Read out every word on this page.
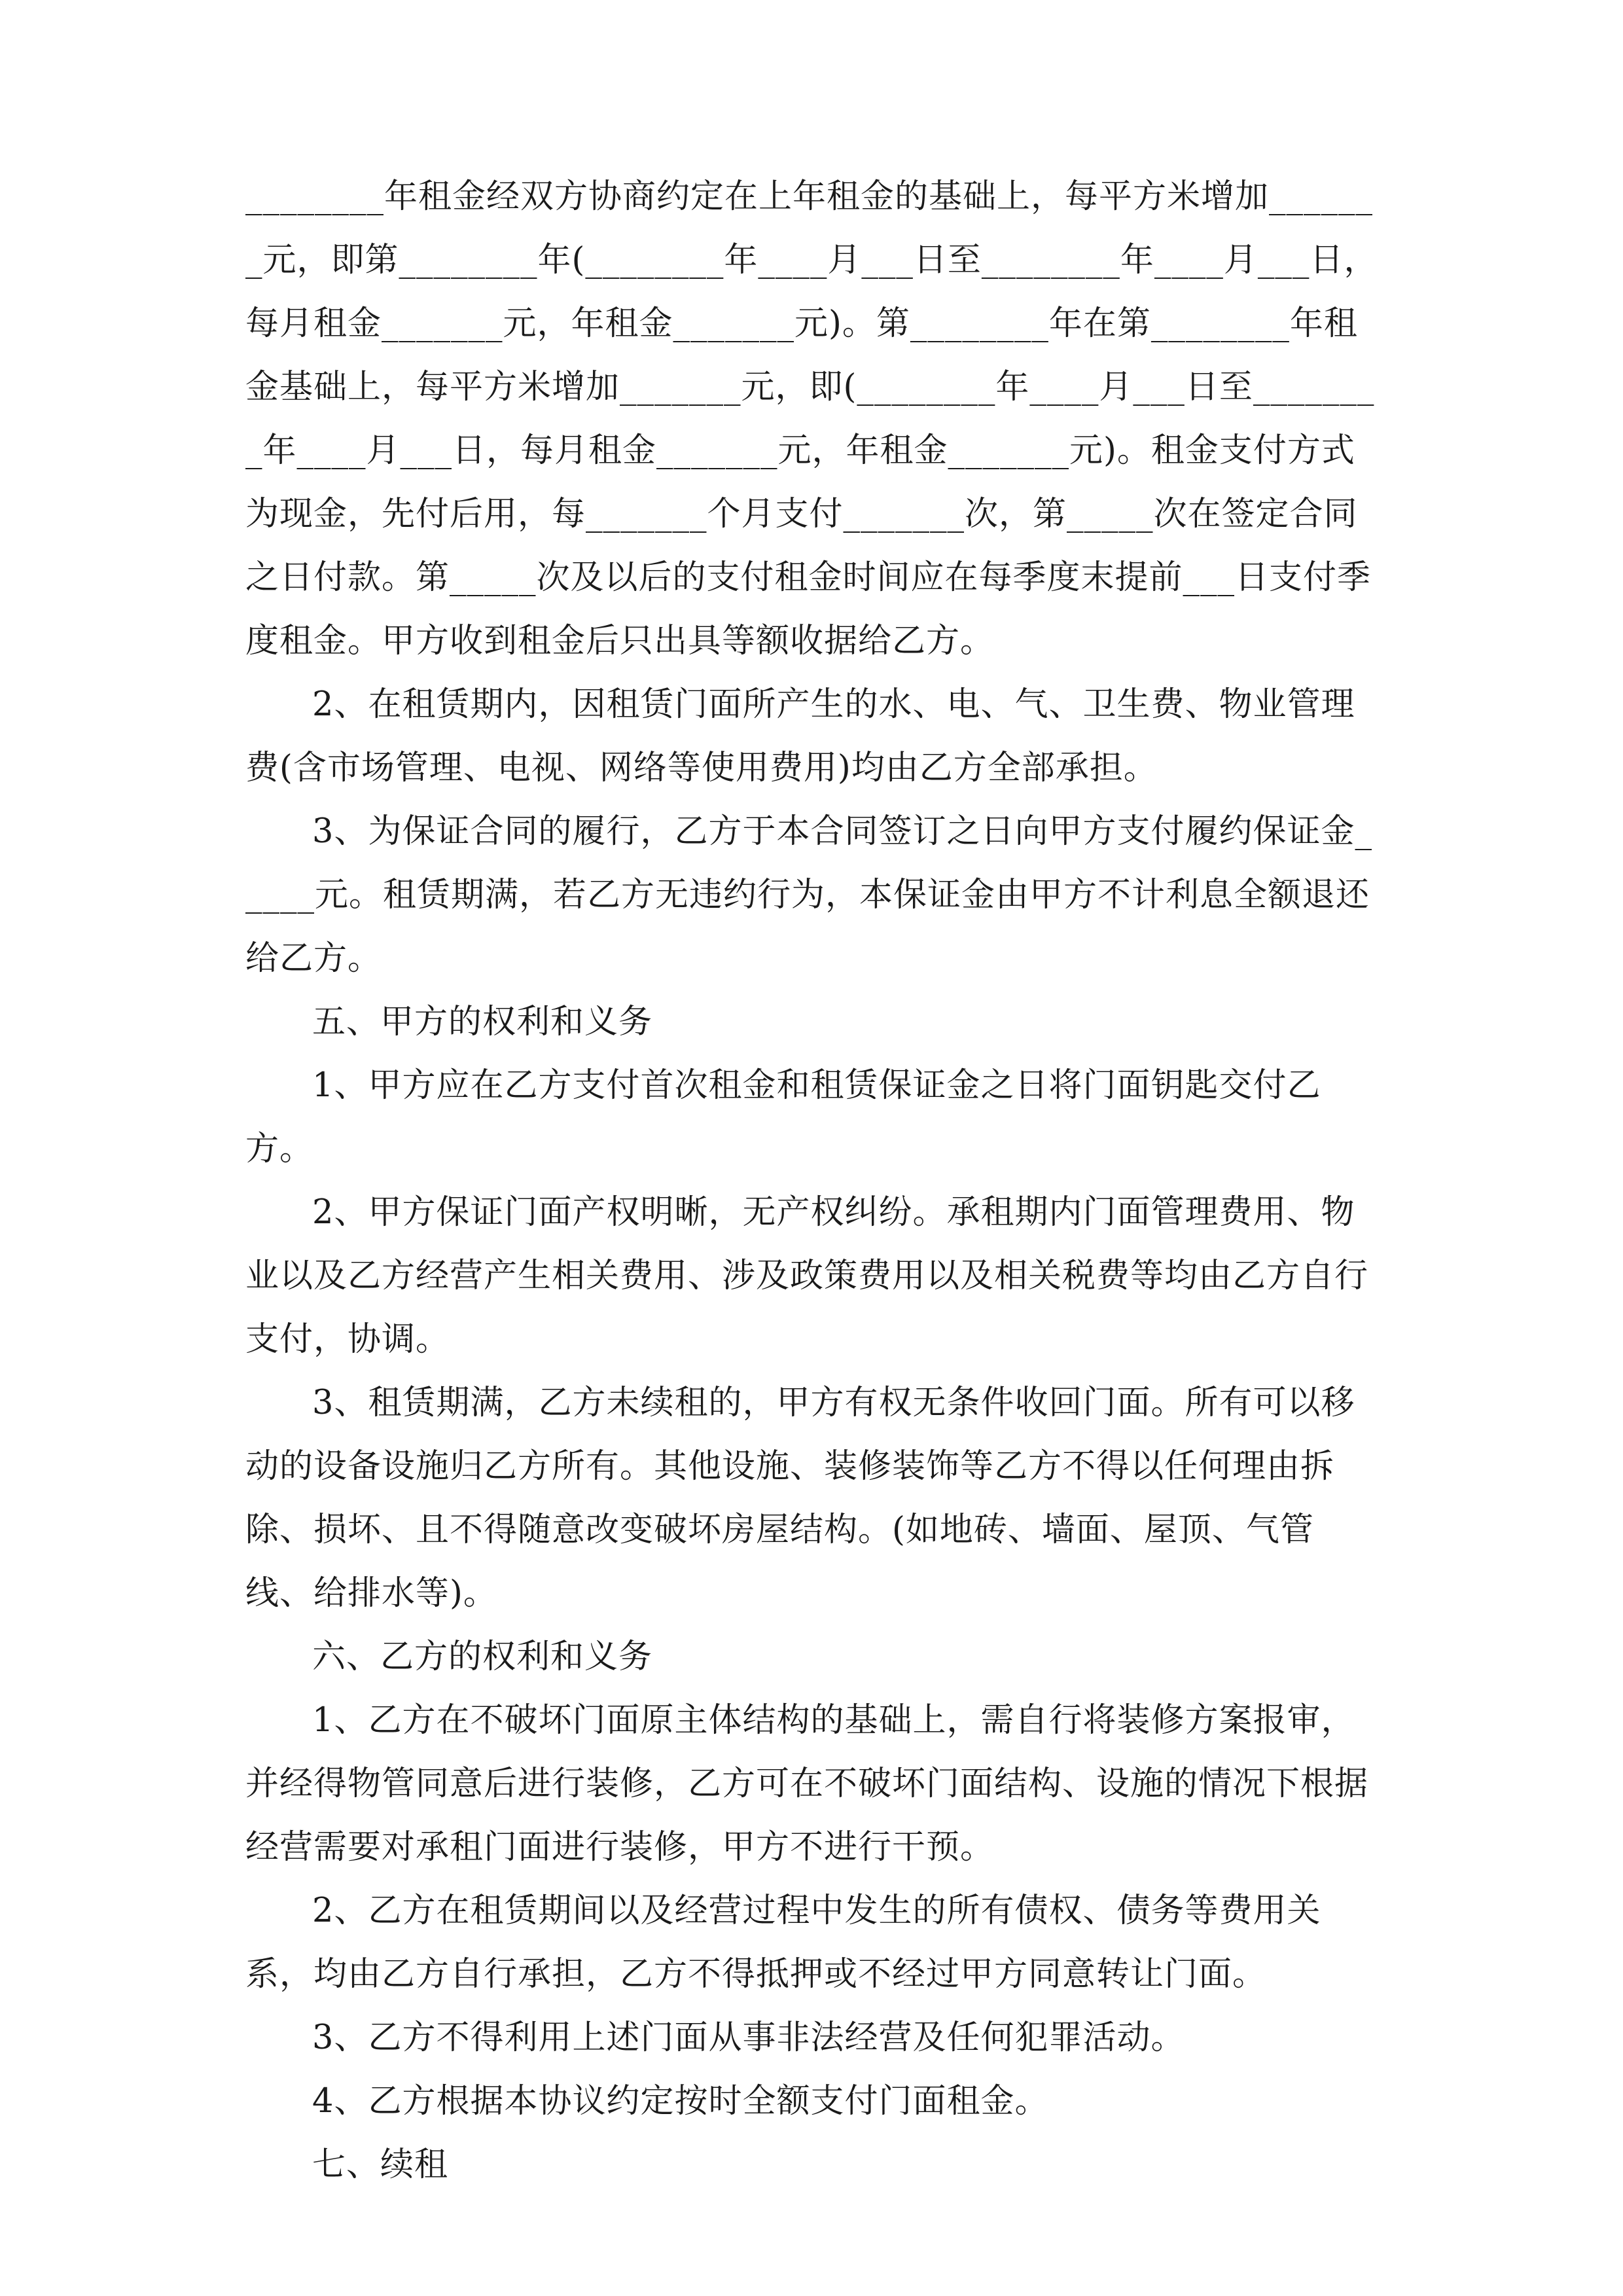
________年租金经双方协商约定在上年租金的基础上，每平方米增加_______元，即第________年(________年____月___日至________年____月___日，每月租金_______元，年租金_______元)。第________年在第________年租金基础上，每平方米增加_______元，即(________年____月___日至________年____月___日，每月租金_______元，年租金_______元)。租金支付方式为现金，先付后用，每_______个月支付_______次，第_____次在签定合同之日付款。第_____次及以后的支付租金时间应在每季度末提前___日支付季度租金。甲方收到租金后只出具等额收据给乙方。

2、在租赁期内，因租赁门面所产生的水、电、气、卫生费、物业管理费(含市场管理、电视、网络等使用费用)均由乙方全部承担。

3、为保证合同的履行，乙方于本合同签订之日向甲方支付履约保证金_____元。租赁期满，若乙方无违约行为，本保证金由甲方不计利息全额退还给乙方。

五、甲方的权利和义务

1、甲方应在乙方支付首次租金和租赁保证金之日将门面钥匙交付乙方。

2、甲方保证门面产权明晰，无产权纠纷。承租期内门面管理费用、物业以及乙方经营产生相关费用、涉及政策费用以及相关税费等均由乙方自行支付，协调。

3、租赁期满，乙方未续租的，甲方有权无条件收回门面。所有可以移动的设备设施归乙方所有。其他设施、装修装饰等乙方不得以任何理由拆除、损坏、且不得随意改变破坏房屋结构。(如地砖、墙面、屋顶、气管线、给排水等)。

六、乙方的权利和义务

1、乙方在不破坏门面原主体结构的基础上，需自行将装修方案报审，并经得物管同意后进行装修，乙方可在不破坏门面结构、设施的情况下根据经营需要对承租门面进行装修，甲方不进行干预。

2、乙方在租赁期间以及经营过程中发生的所有债权、债务等费用关系，均由乙方自行承担，乙方不得抵押或不经过甲方同意转让门面。

3、乙方不得利用上述门面从事非法经营及任何犯罪活动。

4、乙方根据本协议约定按时全额支付门面租金。

七、续租
